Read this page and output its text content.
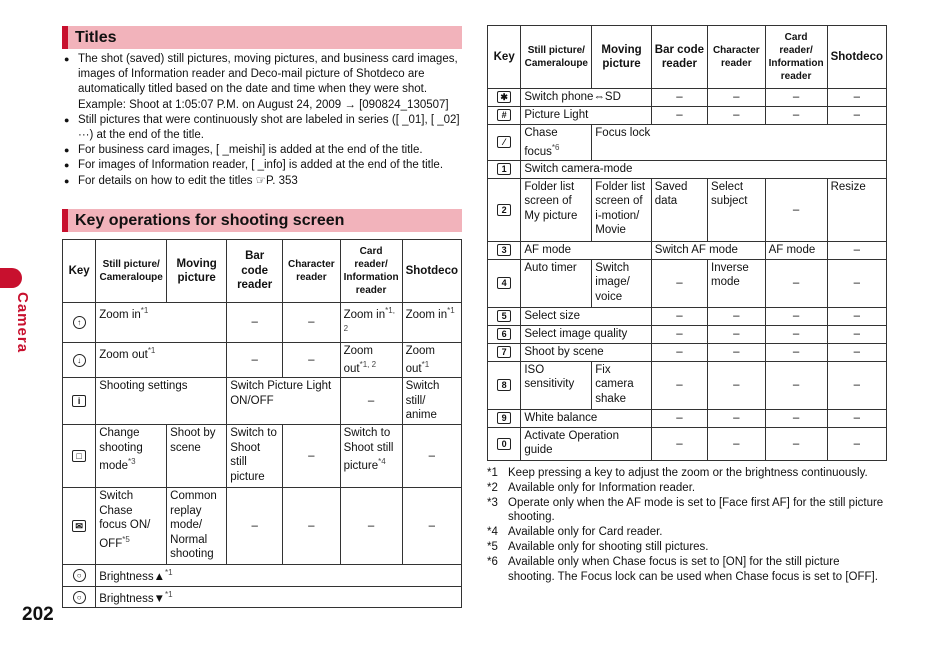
Camera
202
Titles
● The shot (saved) still pictures, moving pictures, and business card images, images of Information reader and Deco-mail picture of Shotdeco are automatically titled based on the date and time when they were shot. Example: Shoot at 1:05:07 P.M. on August 24, 2009 → [090824_130507]
● Still pictures that were continuously shot are labeled in series ([ _01], [ _02] ···) at the end of the title.
● For business card images, [ _meishi] is added at the end of the title.
● For images of Information reader, [ _info] is added at the end of the title.
● For details on how to edit the titles ☞P. 353
Key operations for shooting screen
Key	Still picture/ Cameraloupe	Moving picture	Bar code reader	Character reader	Card reader/ Information reader	Shotdeco
↑	Zoom $in^{*1}$		–	–	Zoom in$^{*1, 2}$	Zoom $in^{*1}$
↓	Zoom out$^{*1}$		–	–	Zoom out$^{*1, 2}$	Zoom out$^{*1}$
i	Shooting settings		Switch Picture Light ON/OFF		–	Switch still/ anime
□	Change shooting mode$^{*3}$	Shoot by scene	Switch to Shoot still picture	–	Switch to Shoot still picture$^{*4}$	–
✉	Switch Chase focus ON/ OFF$^{*5}$	Common replay mode/ Normal shooting	–	–	–	–
○	Brightness▲$^{*1}$
○	Brightness▼$^{*1}$
Key	Still picture/ Cameraloupe	Moving picture	Bar code reader	Character reader	Card reader/ Information reader	Shotdeco
✱	Switch phone⇔SD		–	–	–	–
#	Picture Light		–	–	–	–
⁄	Chase focus$^{*6}$	Focus lock				
1	Switch camera-mode					
2	Folder list screen of My picture	Folder list screen of i-motion/ Movie	Saved data	Select subject	–	Resize
3	AF mode		Switch AF mode		AF mode	–
4	Auto timer	Switch image/ voice	–	Inverse mode	–	–
5	Select size		–	–	–	–
6	Select image quality		–	–	–	–
7	Shoot by scene		–	–	–	–
8	ISO sensitivity	Fix camera shake	–	–	–	–
9	White balance		–	–	–	–
0	Activate Operation guide		–	–	–	–
*1 Keep pressing a key to adjust the zoom or the brightness continuously.
*2 Available only for Information reader.
*3 Operate only when the AF mode is set to [Face first AF] for the still picture shooting.
*4 Available only for Card reader.
*5 Available only for shooting still pictures.
*6 Available only when Chase focus is set to [ON] for the still picture shooting. The Focus lock can be used when Chase focus is set to [OFF].
